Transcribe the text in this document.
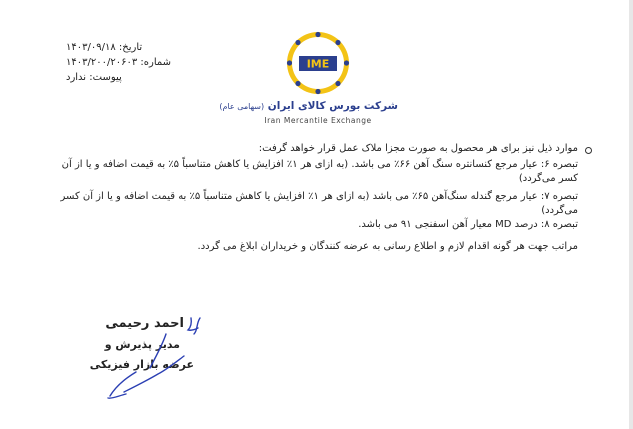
تاریخ: ۱۴۰۳/۰۹/۱۸
شماره: ۱۴۰۳/۲۰۰/۲۰۶۰۳
پیوست: ندارد
IME
شرکت بورس کالای ایران (سهامی عام)
Iran Mercantile Exchange

موارد ذیل نیز برای هر محصول به صورت مجزا ملاک عمل قرار خواهد گرفت:

تبصره ۶: عیار مرجع کنسانتره سنگ آهن ۶۶٪ می باشد. (به ازای هر ۱٪ افزایش یا کاهش متناسباً ۵٪ به قیمت اضافه و یا از آن کسر می‌گردد)

تبصره ۷: عیار مرجع گندله سنگ‌آهن ۶۵٪ می باشد (به ازای هر ۱٪ افزایش یا کاهش متناسباً ۵٪ به قیمت اضافه و یا از آن کسر می‌گردد)

تبصره ۸: درصد MD معیار آهن اسفنجی ۹۱ می باشد.

مراتب جهت هر گونه اقدام لازم و اطلاع رسانی به عرضه کنندگان و خریداران ابلاغ می گردد.

احمد رحیمی
مدیر پذیرش و
عرضه بازار فیزیکی
